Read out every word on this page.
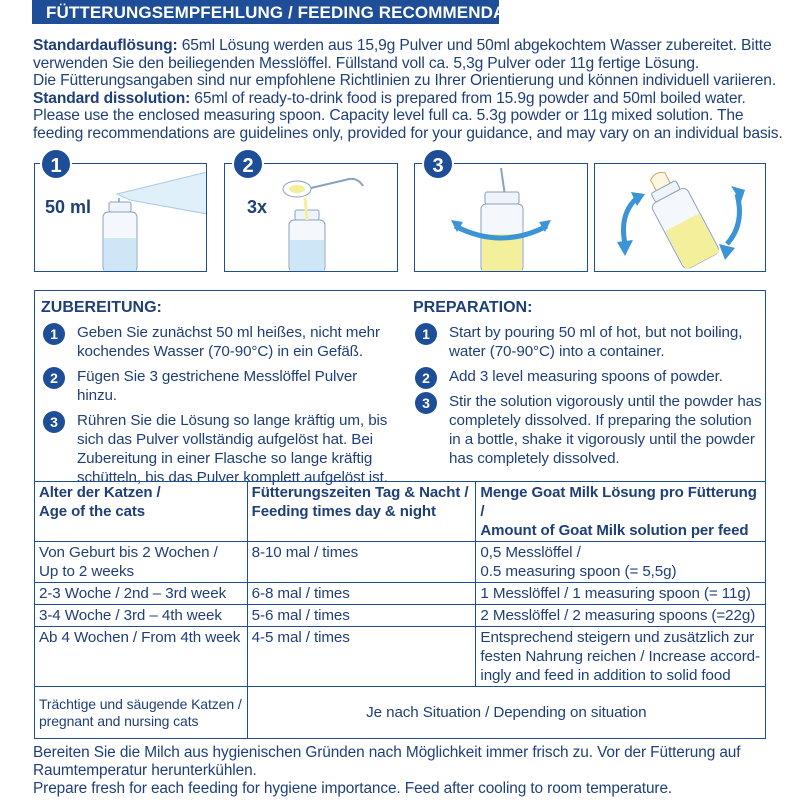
FÜTTERUNGSEMPFEHLUNG / FEEDING RECOMMENDATION.

Standardauflösung: 65ml Lösung werden aus 15,9g Pulver und 50ml abgekochtem Wasser zubereitet. Bitte

verwenden Sie den beiliegenden Messlöffel. Füllstand voll ca. 5,3g Pulver oder 11g fertige Lösung.

Die Fütterungsangaben sind nur empfohlene Richtlinien zu Ihrer Orientierung und können individuell variieren.

Standard dissolution: 65ml of ready-to-drink food is prepared from 15.9g powder and 50ml boiled water.

Please use the enclosed measuring spoon. Capacity level full ca. 5.3g powder or 11g mixed solution. The

feeding recommendations are guidelines only, provided for your guidance, and may vary on an individual basis.

50 ml
1
3x
2	3
ZUBEREITUNG:
1	Geben Sie zunächst 50 ml heißes, nicht mehr kochendes Wasser (70-90°C) in ein Gefäß.
2	Fügen Sie 3 gestrichene Messlöffel Pulver hinzu.
3	Rühren Sie die Lösung so lange kräftig um, bis sich das Pulver vollständig aufgelöst hat. Bei Zubereitung in einer Flasche so lange kräftig schütteln, bis das Pulver komplett aufgelöst ist.
PREPARATION:
1	Start by pouring 50 ml of hot, but not boiling, water (70-90°C) into a container.
2	Add 3 level measuring spoons of powder.
3	Stir the solution vigorously until the powder has completely dissolved. If preparing the solution in a bottle, shake it vigorously until the powder has completely dissolved.
Alter der Katzen /
Age of the cats	Fütterungszeiten Tag & Nacht /
Feeding times day & night	Menge Goat Milk Lösung pro Fütterung /
Amount of Goat Milk solution per feed
Von Geburt bis 2 Wochen /
Up to 2 weeks	8-10 mal / times	0,5 Messlöffel /
0.5 measuring spoon (= 5,5g)
2-3 Woche / 2nd – 3rd week	6-8 mal / times	1 Messlöffel / 1 measuring spoon (= 11g)
3-4 Woche / 3rd – 4th week	5-6 mal / times	2 Messlöffel / 2 measuring spoons (=22g)
Ab 4 Wochen / From 4th week	4-5 mal / times	Entsprechend steigern und zusätzlich zur
festen Nahrung reichen / Increase accord-
ingly and feed in addition to solid food
Trächtige und säugende Katzen /
pregnant and nursing cats	Je nach Situation / Depending on situation	

Bereiten Sie die Milch aus hygienischen Gründen nach Möglichkeit immer frisch zu. Vor der Fütterung auf

Raumtemperatur herunterkühlen.

Prepare fresh for each feeding for hygiene importance. Feed after cooling to room temperature.
